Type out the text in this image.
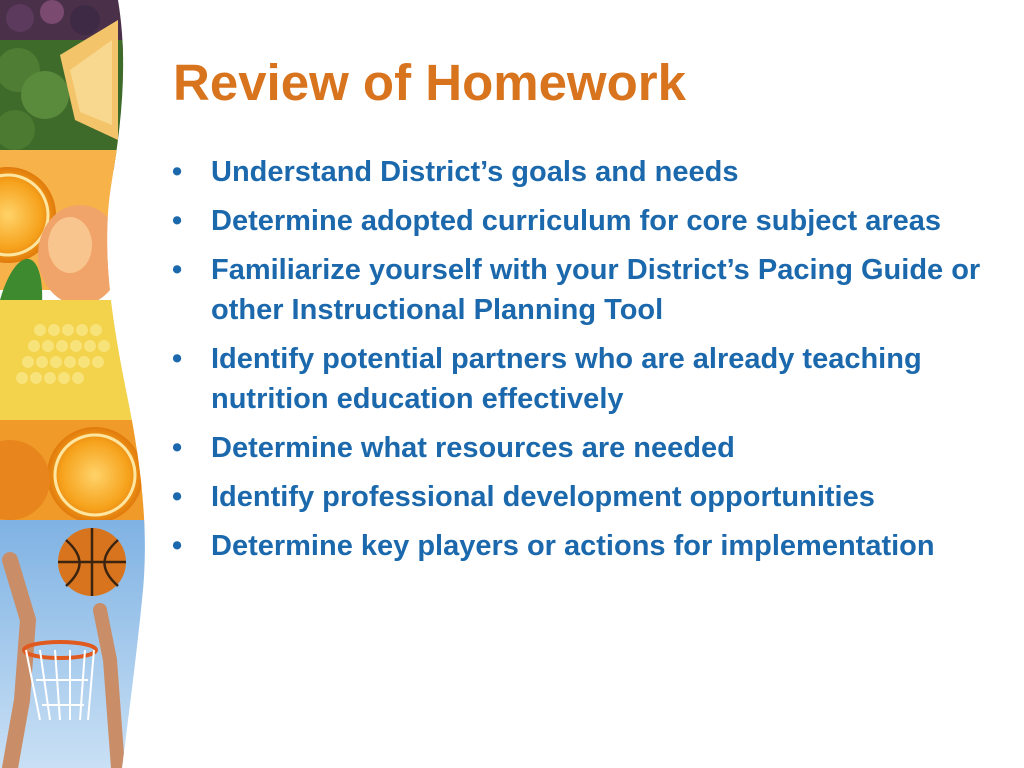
Review of Homework
• Understand District’s goals and needs
• Determine adopted curriculum for core subject areas
• Familiarize yourself with your District’s Pacing Guide or other Instructional Planning Tool
• Identify potential partners who are already teaching nutrition education effectively
• Determine what resources are needed
• Identify professional development opportunities
• Determine key players or actions for implementation
